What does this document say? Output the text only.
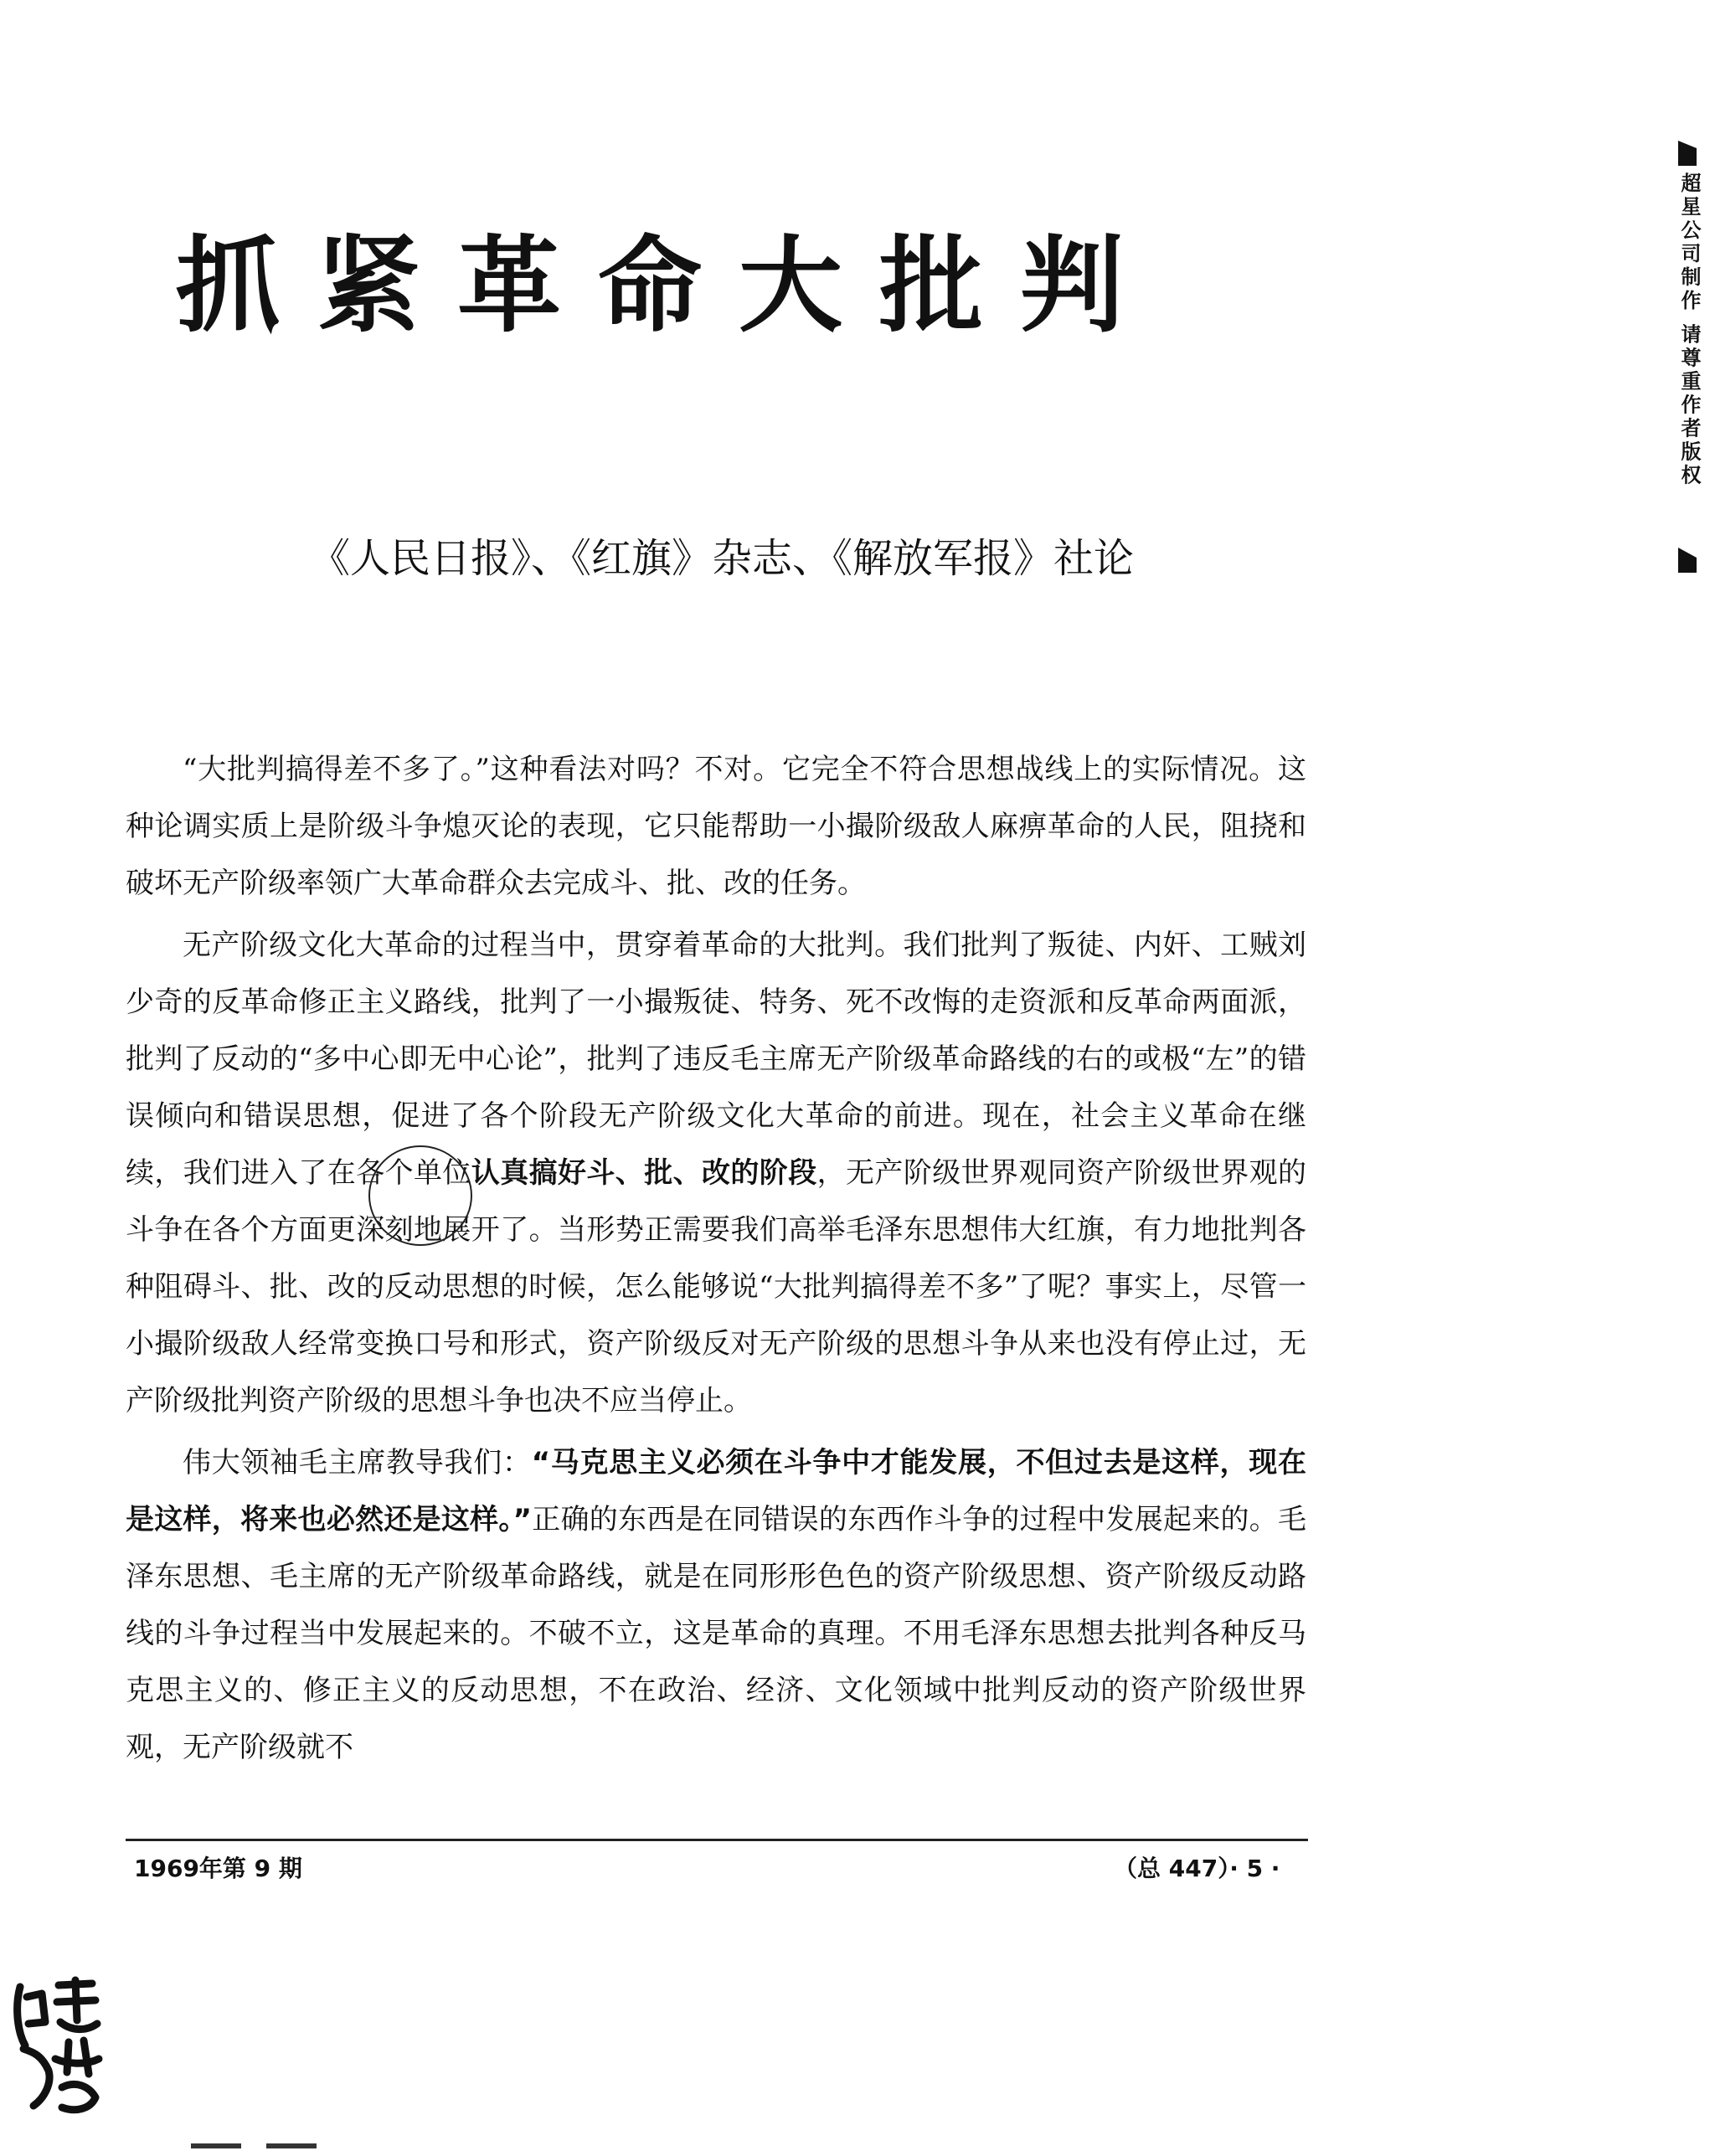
抓紧革命大批判
《人民日报》、《红旗》杂志、《解放军报》社论

“大批判搞得差不多了。”这种看法对吗？不对。它完全不符合思想战线上的实际情况。这种论调实质上是阶级斗争熄灭论的表现，它只能帮助一小撮阶级敌人麻痹革命的人民，阻挠和破坏无产阶级率领广大革命群众去完成斗、批、改的任务。

无产阶级文化大革命的过程当中，贯穿着革命的大批判。我们批判了叛徒、内奸、工贼刘少奇的反革命修正主义路线，批判了一小撮叛徒、特务、死不改悔的走资派和反革命两面派，批判了反动的“多中心即无中心论”，批判了违反毛主席无产阶级革命路线的右的或极“左”的错误倾向和错误思想，促进了各个阶段无产阶级文化大革命的前进。现在，社会主义革命在继续，我们进入了在各个单位认真搞好斗、批、改的阶段，无产阶级世界观同资产阶级世界观的斗争在各个方面更深刻地展开了。当形势正需要我们高举毛泽东思想伟大红旗，有力地批判各种阻碍斗、批、改的反动思想的时候，怎么能够说“大批判搞得差不多”了呢？事实上，尽管一小撮阶级敌人经常变换口号和形式，资产阶级反对无产阶级的思想斗争从来也没有停止过，无产阶级批判资产阶级的思想斗争也决不应当停止。

伟大领袖毛主席教导我们：“马克思主义必须在斗争中才能发展，不但过去是这样，现在是这样，将来也必然还是这样。”正确的东西是在同错误的东西作斗争的过程中发展起来的。毛泽东思想、毛主席的无产阶级革命路线，就是在同形形色色的资产阶级思想、资产阶级反动路线的斗争过程当中发展起来的。不破不立，这是革命的真理。不用毛泽东思想去批判各种反马克思主义的、修正主义的反动思想，不在政治、经济、文化领域中批判反动的资产阶级世界观，无产阶级就不

1969年第 9 期	（总 447）· 5 ·
超星公司制作 请尊重作者版权
